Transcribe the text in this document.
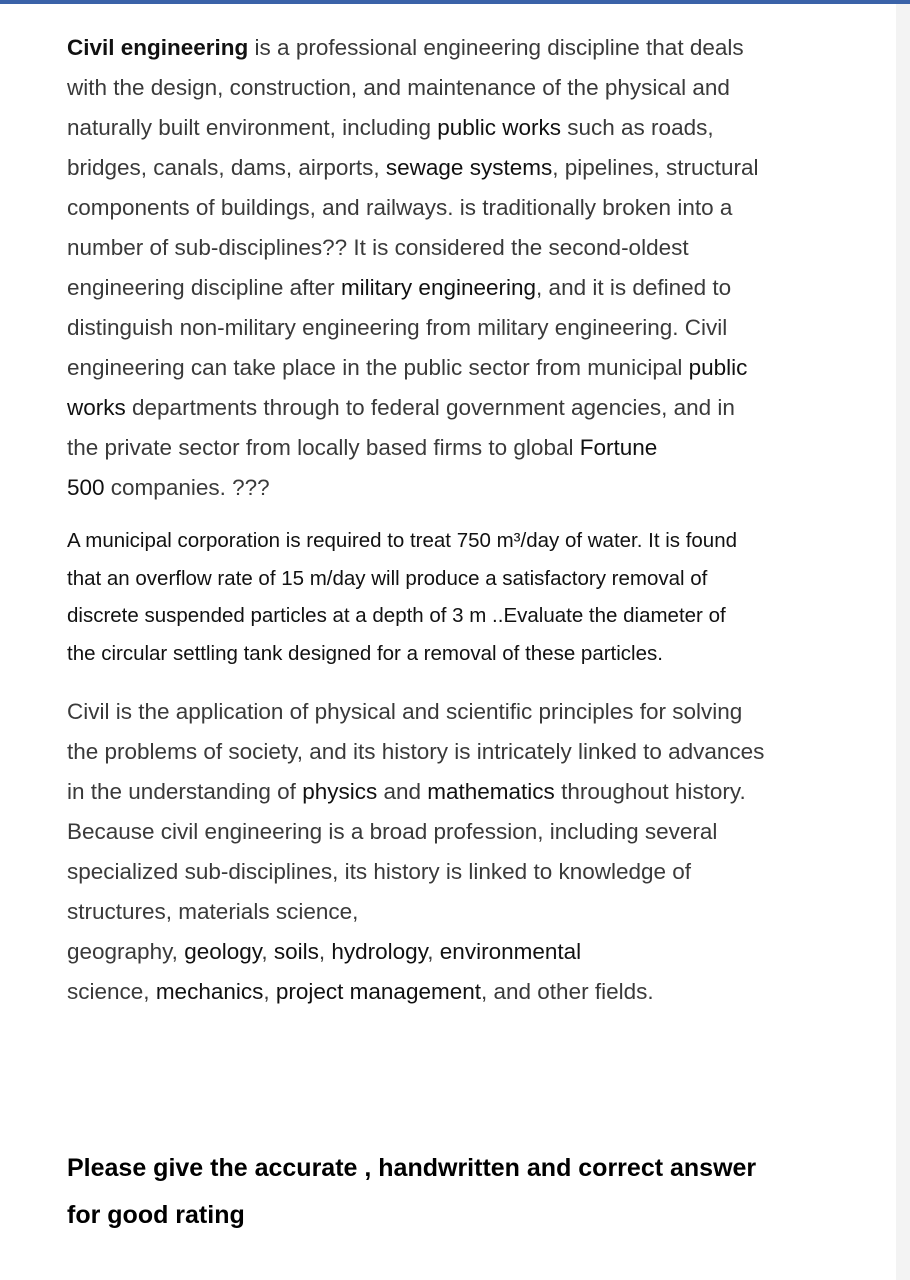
Civil engineering is a professional engineering discipline that deals
with the design, construction, and maintenance of the physical and
naturally built environment, including public works such as roads,
bridges, canals, dams, airports, sewage systems, pipelines, structural
components of buildings, and railways. is traditionally broken into a
number of sub-disciplines?? It is considered the second-oldest
engineering discipline after military engineering, and it is defined to
distinguish non-military engineering from military engineering. Civil
engineering can take place in the public sector from municipal public
works departments through to federal government agencies, and in
the private sector from locally based firms to global Fortune
500 companies. ???

A municipal corporation is required to treat 750 m³/day of water. It is found
that an overflow rate of 15 m/day will produce a satisfactory removal of
discrete suspended particles at a depth of 3 m ..Evaluate the diameter of
the circular settling tank designed for a removal of these particles.

Civil is the application of physical and scientific principles for solving
the problems of society, and its history is intricately linked to advances
in the understanding of physics and mathematics throughout history.
Because civil engineering is a broad profession, including several
specialized sub-disciplines, its history is linked to knowledge of
structures, materials science,
geography, geology, soils, hydrology, environmental
science, mechanics, project management, and other fields.

Please give the accurate , handwritten and correct answer
for good rating
